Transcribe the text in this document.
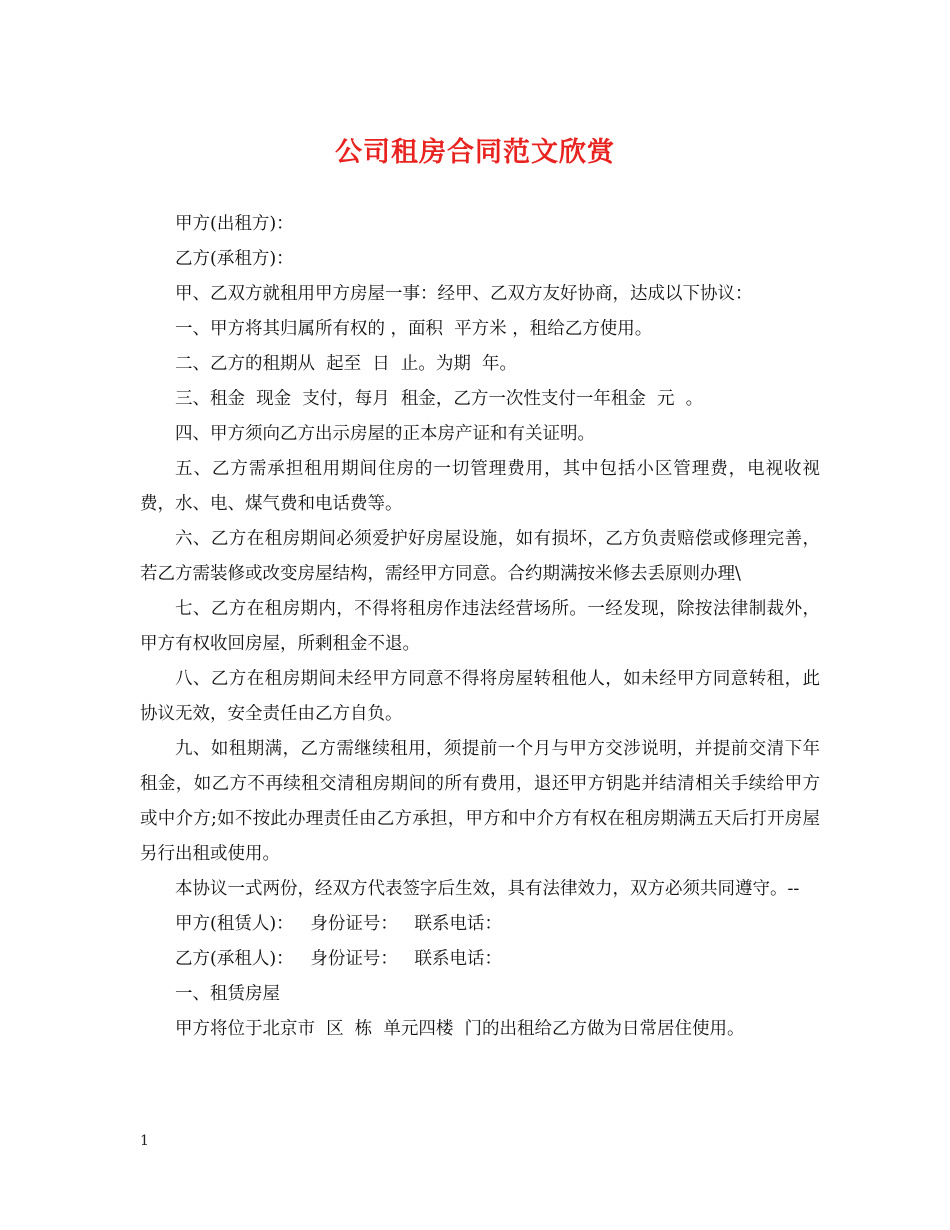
公司租房合同范文欣赏

甲方(出租方)：

乙方(承租方)：

甲、乙双方就租用甲方房屋一事：经甲、乙双方友好协商，达成以下协议：

一、甲方将其归属所有权的 ，面积  平方米 ，租给乙方使用。

二、乙方的租期从  起至  日  止。为期  年。

三、租金  现金  支付，每月  租金，乙方一次性支付一年租金  元  。

四、甲方须向乙方出示房屋的正本房产证和有关证明。

五、乙方需承担租用期间住房的一切管理费用，其中包括小区管理费，电视收视费，水、电、煤气费和电话费等。

六、乙方在租房期间必须爱护好房屋设施，如有损坏，乙方负责赔偿或修理完善，若乙方需装修或改变房屋结构，需经甲方同意。合约期满按米修去丢原则办理\

七、乙方在租房期内，不得将租房作违法经营场所。一经发现，除按法律制裁外，甲方有权收回房屋，所剩租金不退。

八、乙方在租房期间未经甲方同意不得将房屋转租他人，如未经甲方同意转租，此协议无效，安全责任由乙方自负。

九、如租期满，乙方需继续租用，须提前一个月与甲方交涉说明，并提前交清下年租金，如乙方不再续租交清租房期间的所有费用，退还甲方钥匙并结清相关手续给甲方或中介方;如不按此办理责任由乙方承担，甲方和中介方有权在租房期满五天后打开房屋另行出租或使用。

本协议一式两份，经双方代表签字后生效，具有法律效力，双方必须共同遵守。--

甲方(租赁人)：   身份证号：   联系电话：

乙方(承租人)：   身份证号：   联系电话：

一、租赁房屋

甲方将位于北京市  区  栋  单元四楼  门的出租给乙方做为日常居住使用。

1
